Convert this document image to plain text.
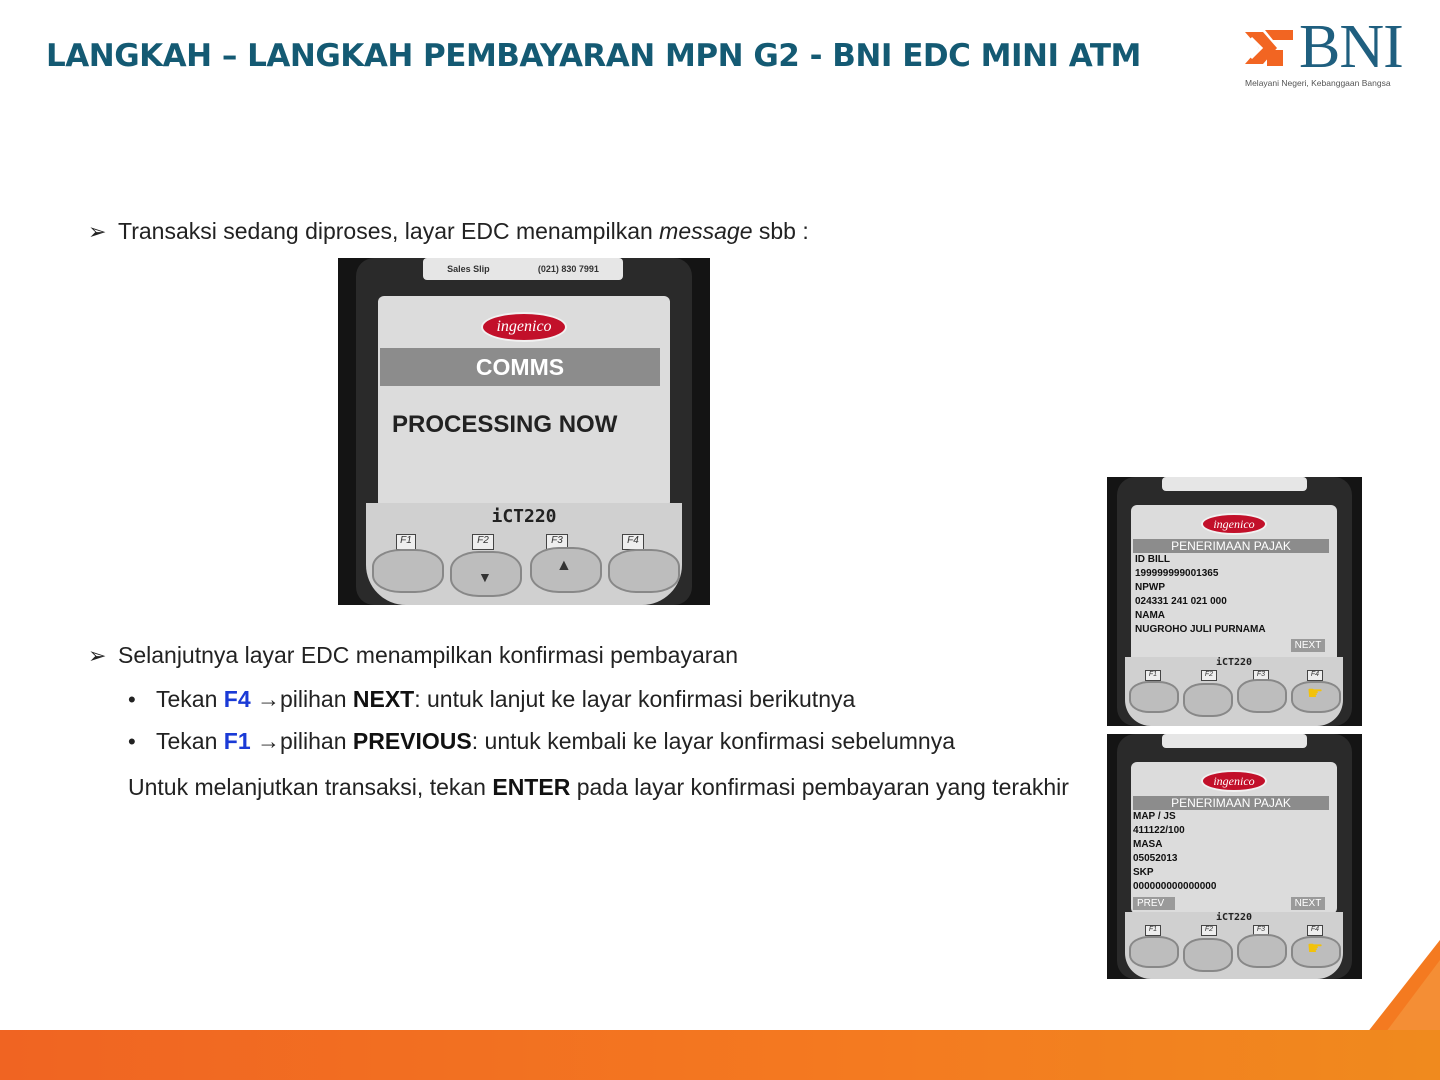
LANGKAH – LANGKAH PEMBAYARAN MPN G2 - BNI EDC MINI ATM	BNI
Melayani Negeri, Kebanggaan Bangsa
➢ Transaksi sedang diproses, layar EDC menampilkan message sbb :
Sales Slip	(021) 830 7991
ingenico
COMMS
PROCESSING NOW
iCT220
F1	F2	F3	F4
▼
▲
➢ Selanjutnya layar EDC menampilkan konfirmasi pembayaran
• Tekan
F4
→ pilihan
NEXT : untuk lanjut ke layar konfirmasi berikutnya
• Tekan
F1
→ pilihan
PREVIOUS : untuk kembali ke layar konfirmasi sebelumnya
Untuk melanjutkan transaksi, tekan ENTER pada layar konfirmasi pembayaran yang terakhir
ingenico
PENERIMAAN PAJAK
ID BILL
199999999001365
NPWP
024331 241 021 000
NAMA
NUGROHO JULI PURNAMA
NEXT
iCT220
F1	F2	F3	F4
☛
ingenico
PENERIMAAN PAJAK
MAP / JS
411122/100
MASA
05052013
SKP
000000000000000
PREV	NEXT
iCT220
F1	F2	F3	F4
☛
